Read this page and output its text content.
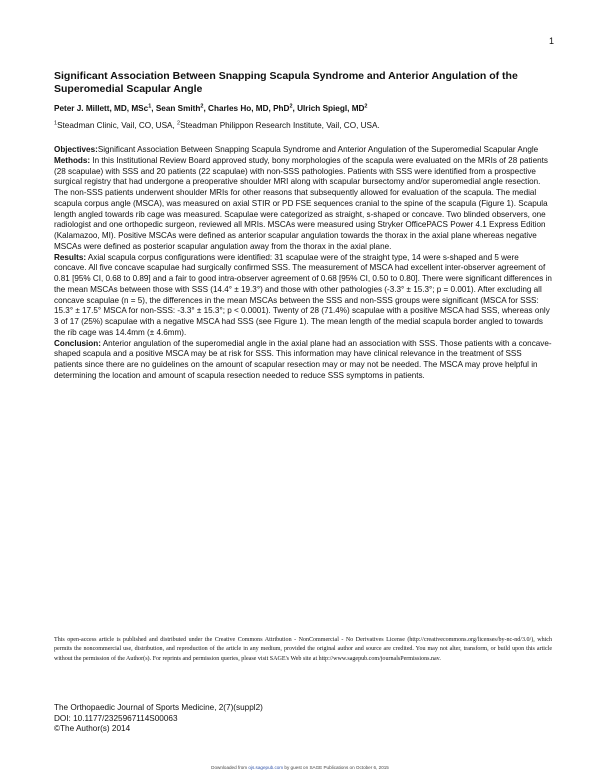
1
Significant Association Between Snapping Scapula Syndrome and Anterior Angulation of the Superomedial Scapular Angle
Peter J. Millett, MD, MSc$^1$, Sean Smith$^2$, Charles Ho, MD, PhD$^2$, Ulrich Spiegl, $MD^2$
$^1$Steadman Clinic, Vail, CO, USA, $^2$Steadman Philippon Research Institute, Vail, CO, USA.

Objectives:Significant Association Between Snapping Scapula Syndrome and Anterior Angulation of the Superomedial Scapular Angle

Methods: In this Institutional Review Board approved study, bony morphologies of the scapula were evaluated on the MRIs of 28 patients (28 scapulae) with SSS and 20 patients (22 scapulae) with non-SSS pathologies. Patients with SSS were identified from a prospective surgical registry that had undergone a preoperative shoulder MRI along with scapular bursectomy and/or superomedial angle resection. The non-SSS patients underwent shoulder MRIs for other reasons that subsequently allowed for evaluation of the scapula. The medial scapula corpus angle (MSCA), was measured on axial STIR or PD FSE sequences cranial to the spine of the scapula (Figure 1). Scapula length angled towards rib cage was measured. Scapulae were categorized as straight, s-shaped or concave. Two blinded observers, one radiologist and one orthopedic surgeon, reviewed all MRIs. MSCAs were measured using Stryker OfficePACS Power 4.1 Express Edition (Kalamazoo, MI). Positive MSCAs were defined as anterior scapular angulation towards the thorax in the axial plane whereas negative MSCAs were defined as posterior scapular angulation away from the thorax in the axial plane.

Results: Axial scapula corpus configurations were identified: 31 scapulae were of the straight type, 14 were s-shaped and 5 were concave. All five concave scapulae had surgically confirmed SSS. The measurement of MSCA had excellent inter-observer agreement of 0.81 [95% CI, 0.68 to 0.89] and a fair to good intra-observer agreement of 0.68 [95% CI, 0.50 to 0.80]. There were significant differences in the mean MSCAs between those with SSS (14.4° ± 19.3°) and those with other pathologies (-3.3° ± 15.3°; p = 0.001). After excluding all concave scapulae (n = 5), the differences in the mean MSCAs between the SSS and non-SSS groups were significant (MSCA for SSS: 15.3° ± 17.5° MSCA for non-SSS: -3.3° ± 15.3°; p < 0.0001). Twenty of 28 (71.4%) scapulae with a positive MSCA had SSS, whereas only 3 of 17 (25%) scapulae with a negative MSCA had SSS (see Figure 1). The mean length of the medial scapula border angled to towards the rib cage was 14.4mm (± 4.6mm).

Conclusion: Anterior angulation of the superomedial angle in the axial plane had an association with SSS. Those patients with a concave-shaped scapula and a positive MSCA may be at risk for SSS. This information may have clinical relevance in the treatment of SSS patients since there are no guidelines on the amount of scapular resection may or may not be needed. The MSCA may prove helpful in determining the location and amount of scapula resection needed to reduce SSS symptoms in patients.

This open-access article is published and distributed under the Creative Commons Attribution - NonCommercial - No Derivatives License (http://creativecommons.org/licenses/by-nc-nd/3.0/), which permits the noncommercial use, distribution, and reproduction of the article in any medium, provided the original author and source are credited. You may not alter, transform, or build upon this article without the permission of the Author(s). For reprints and permission queries, please visit SAGE's Web site at http://www.sagepub.com/journalsPermissions.nav.
The Orthopaedic Journal of Sports Medicine, 2(7)(suppl2)
DOI: 10.1177/2325967114S00063
©The Author(s) 2014
Downloaded from ojs.sagepub.com by guest on SAGE Publications on October 6, 2015
